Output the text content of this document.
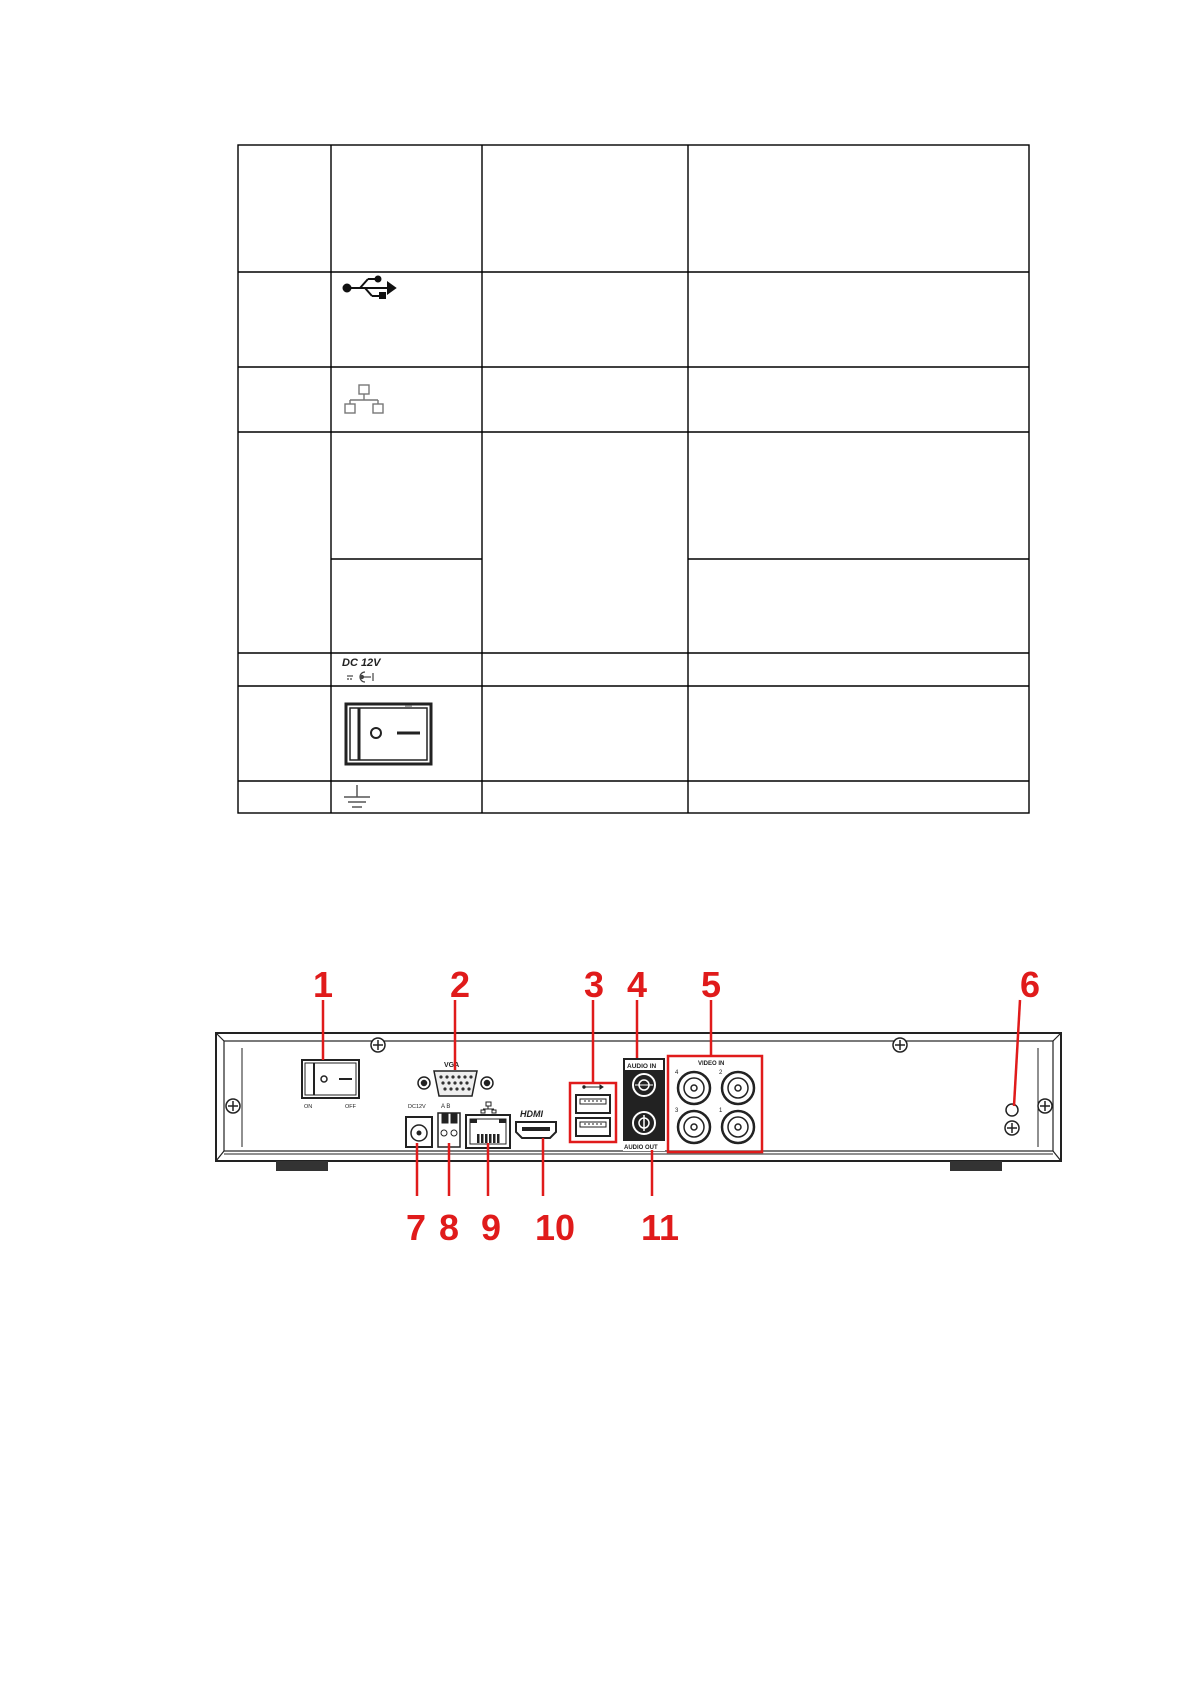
DC 12V
ON	OFF
VGA
DC12V	A B
HDMI
AUDIO IN
AUDIO OUT
VIDEO IN
4	2
3	1
1	2	3 4 5	6
7 8 9 10 11
